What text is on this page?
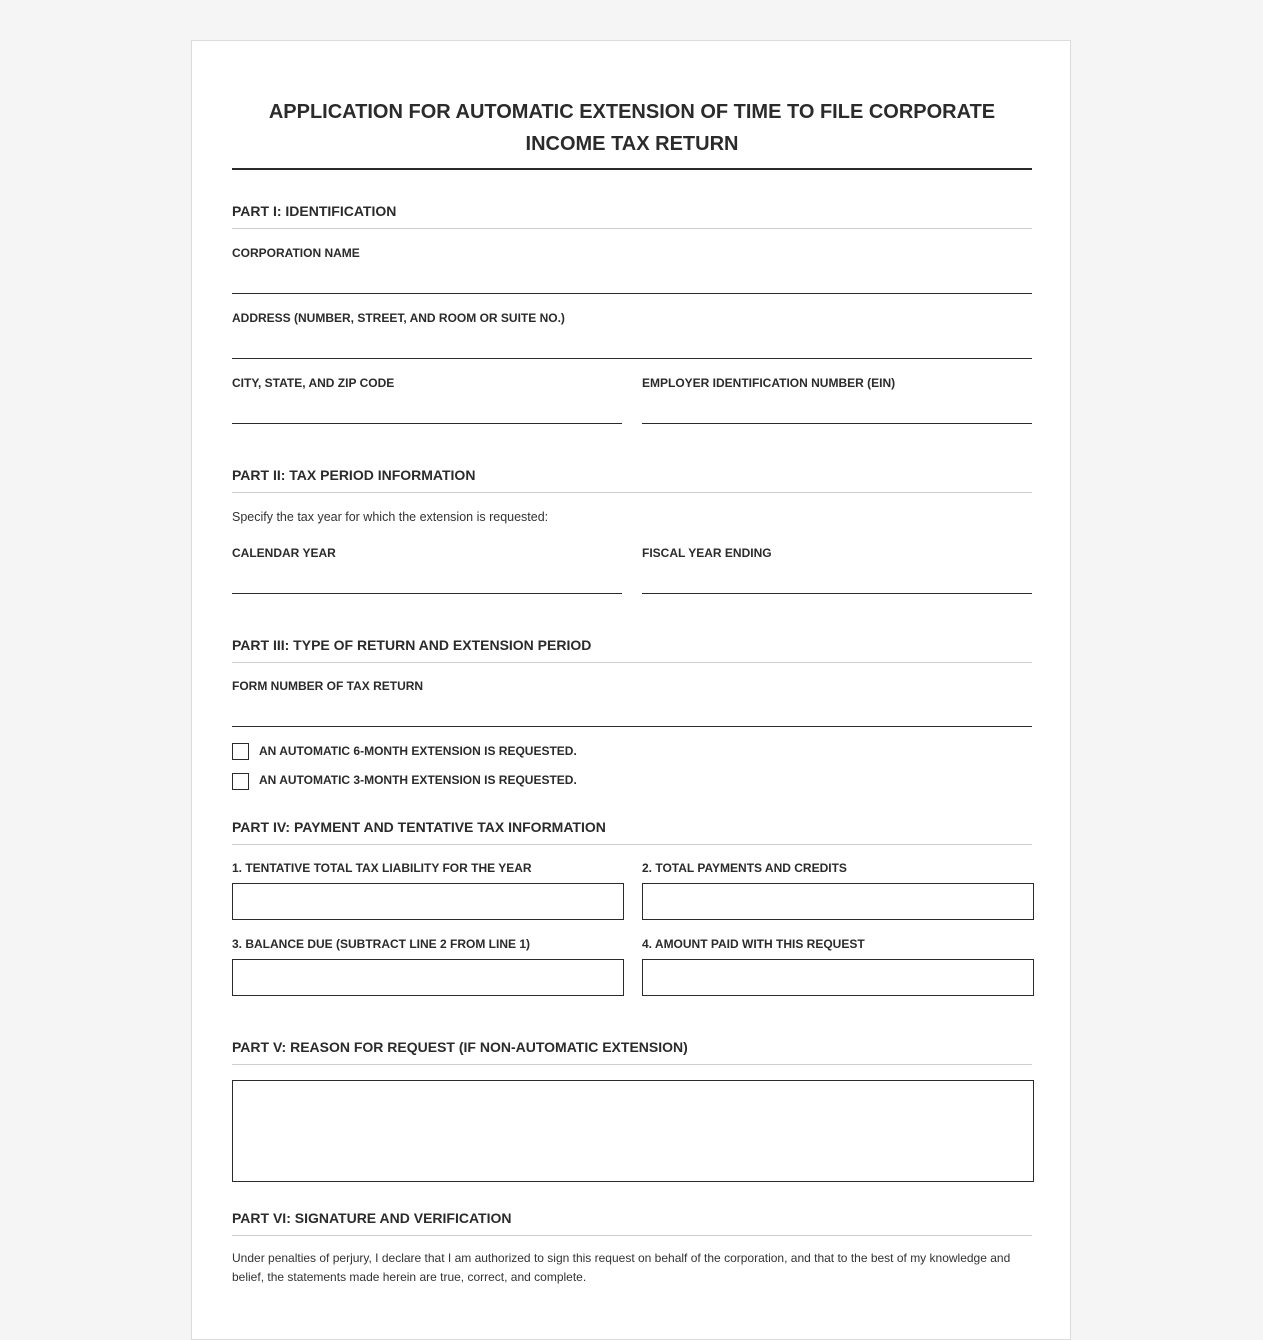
APPLICATION FOR AUTOMATIC EXTENSION OF TIME TO FILE CORPORATE
INCOME TAX RETURN
PART I: IDENTIFICATION
CORPORATION NAME
ADDRESS (NUMBER, STREET, AND ROOM OR SUITE NO.)
CITY, STATE, AND ZIP CODE	EMPLOYER IDENTIFICATION NUMBER (EIN)
PART II: TAX PERIOD INFORMATION
Specify the tax year for which the extension is requested:
CALENDAR YEAR	FISCAL YEAR ENDING
PART III: TYPE OF RETURN AND EXTENSION PERIOD
FORM NUMBER OF TAX RETURN
AN AUTOMATIC 6-MONTH EXTENSION IS REQUESTED.
AN AUTOMATIC 3-MONTH EXTENSION IS REQUESTED.
PART IV: PAYMENT AND TENTATIVE TAX INFORMATION
1. TENTATIVE TOTAL TAX LIABILITY FOR THE YEAR	2. TOTAL PAYMENTS AND CREDITS
3. BALANCE DUE (SUBTRACT LINE 2 FROM LINE 1)	4. AMOUNT PAID WITH THIS REQUEST
PART V: REASON FOR REQUEST (IF NON-AUTOMATIC EXTENSION)
PART VI: SIGNATURE AND VERIFICATION
Under penalties of perjury, I declare that I am authorized to sign this request on behalf of the corporation, and that to the best of my knowledge and
belief, the statements made herein are true, correct, and complete.
